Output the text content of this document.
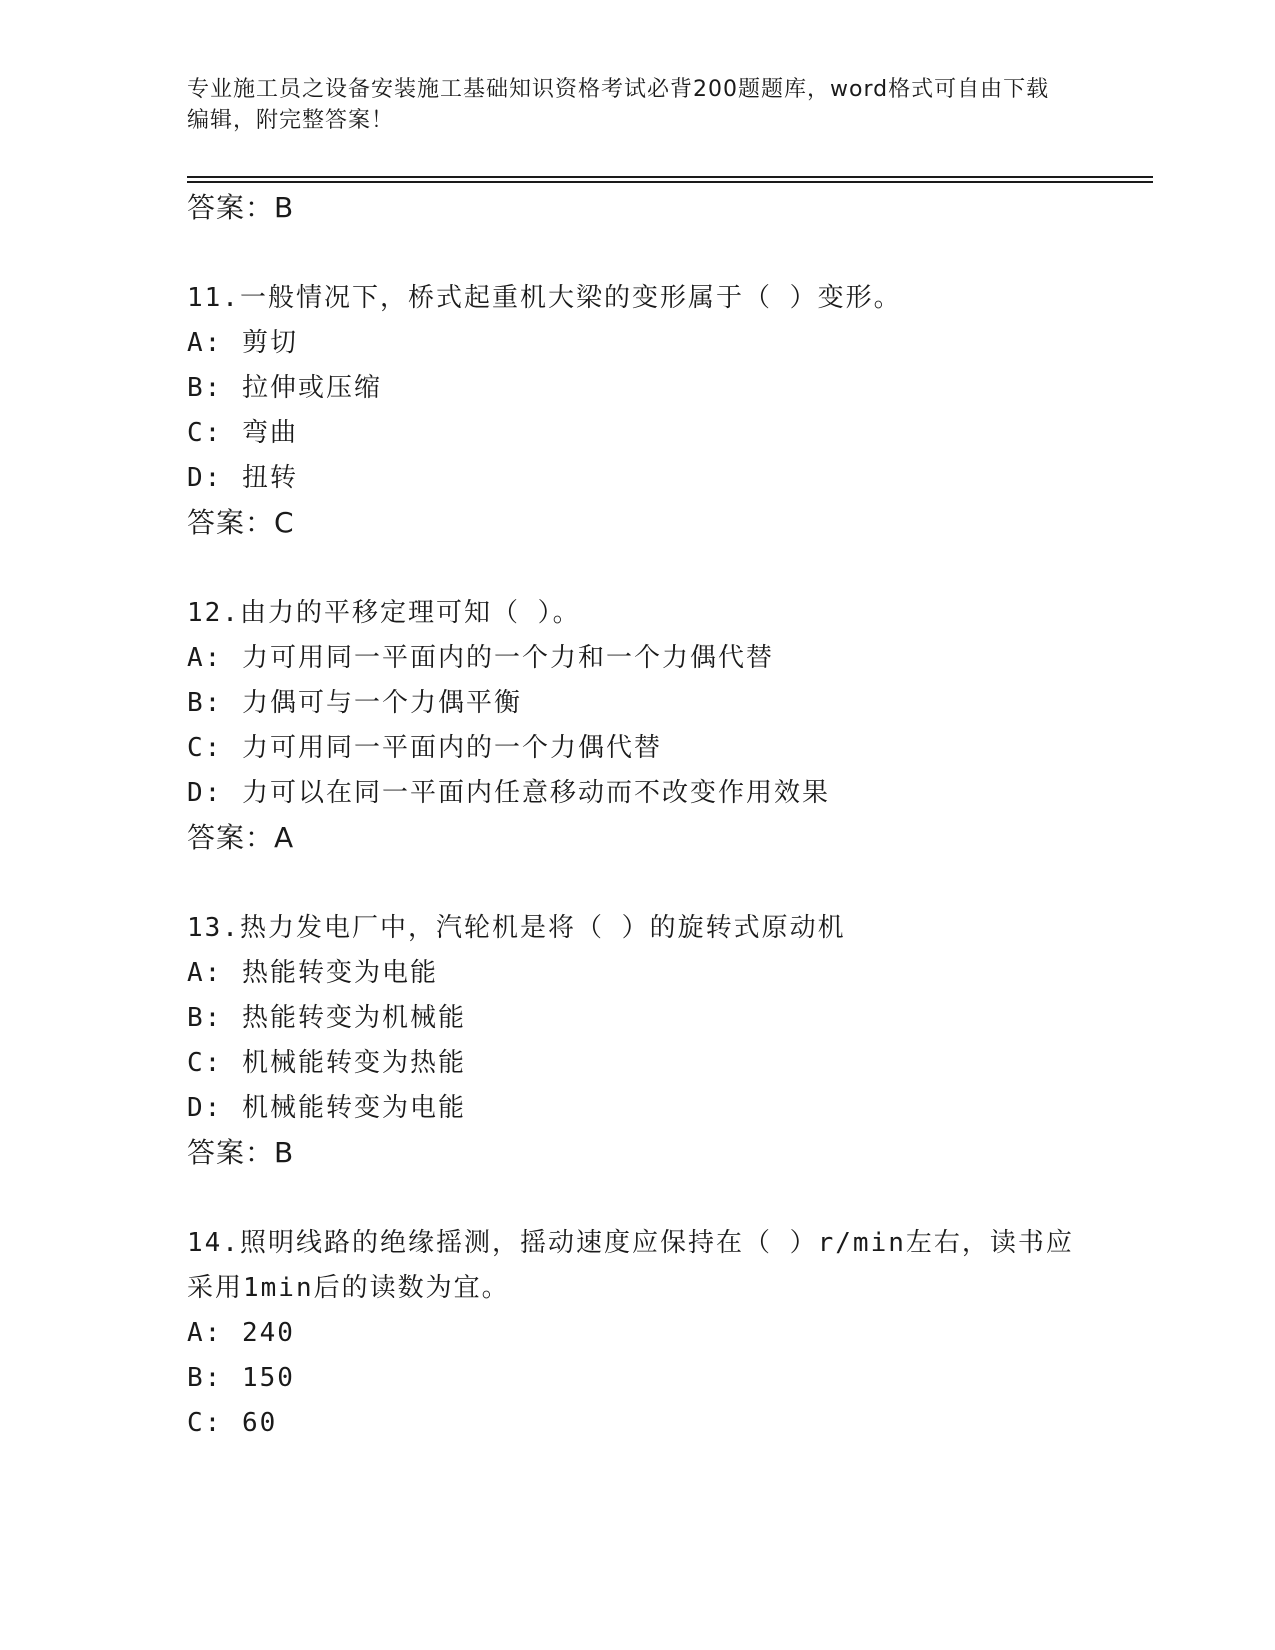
专业施工员之设备安装施工基础知识资格考试必背200题题库，word格式可自由下载编辑，附完整答案！
答案：B
11.一般情况下，桥式起重机大梁的变形属于（ ）变形。
A: 剪切
B: 拉伸或压缩
C: 弯曲
D: 扭转
答案：C
12.由力的平移定理可知（ ）。
A: 力可用同一平面内的一个力和一个力偶代替
B: 力偶可与一个力偶平衡
C: 力可用同一平面内的一个力偶代替
D: 力可以在同一平面内任意移动而不改变作用效果
答案：A
13.热力发电厂中，汽轮机是将（ ）的旋转式原动机
A: 热能转变为电能
B: 热能转变为机械能
C: 机械能转变为热能
D: 机械能转变为电能
答案：B
14.照明线路的绝缘摇测，摇动速度应保持在（ ）r/min左右，读书应采用1min后的读数为宜。
A: 240
B: 150
C: 60
